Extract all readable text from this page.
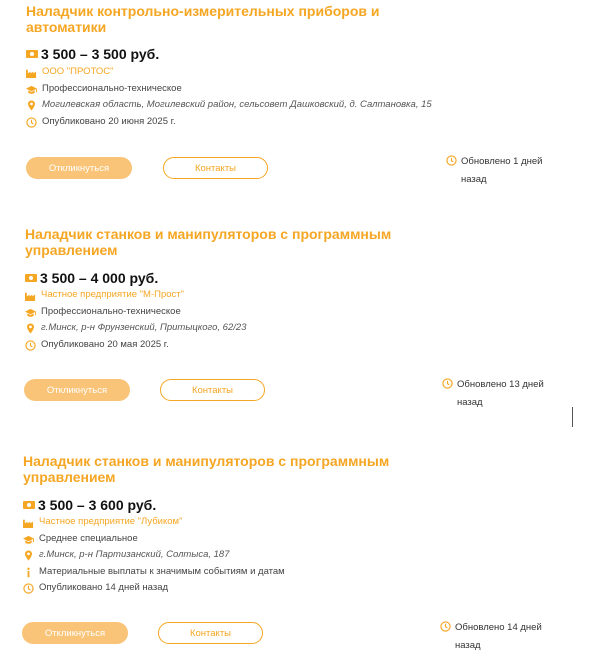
Наладчик контрольно-измерительных приборов и автоматики
3 500 – 3 500 руб.
ООО "ПРОТОС"
Профессионально-техническое
Могилевская область, Могилевский район, сельсовет Дашковский, д. Салтановка, 15
Опубликовано 20 июня 2025 г.
Откликнуться	Контакты
Обновлено 1 дней
назад
Наладчик станков и манипуляторов с программным управлением
3 500 – 4 000 руб.
Частное предприятие "М-Прост"
Профессионально-техническое
г.Минск, р-н Фрунзенский, Притыцкого, 62/23
Опубликовано 20 мая 2025 г.
Откликнуться	Контакты	Обновлено 13 дней
назад
Наладчик станков и манипуляторов с программным управлением
3 500 – 3 600 руб.
Частное предприятие "Лубиком"
Среднее специальное
г.Минск, р-н Партизанский, Солтыса, 187
Материальные выплаты к значимым событиям и датам
Опубликовано 14 дней назад
Откликнуться	Контакты	Обновлено 14 дней
назад
